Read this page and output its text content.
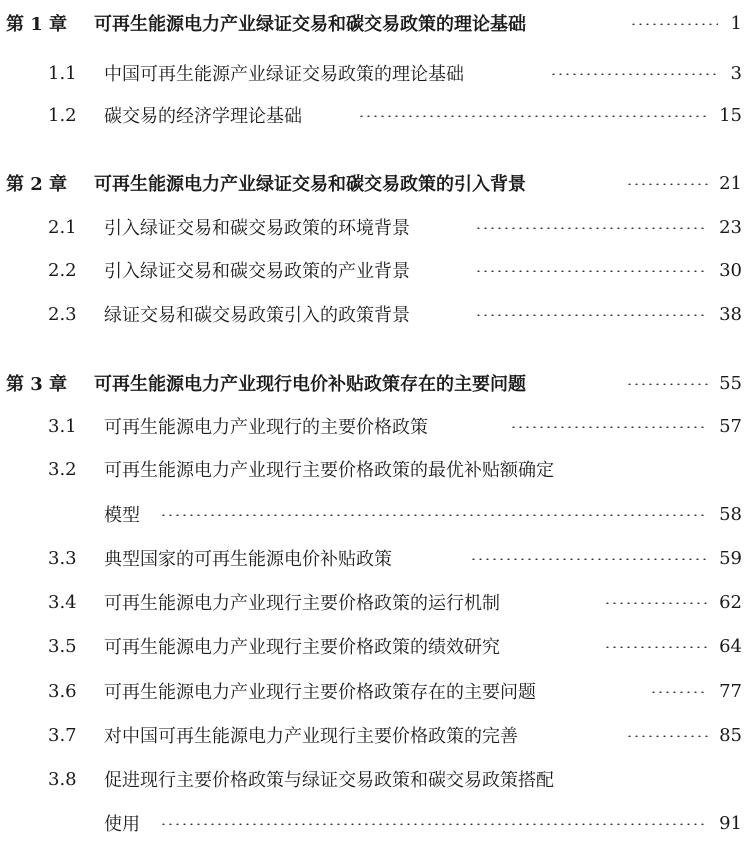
第 1 章 可再生能源电力产业绿证交易和碳交易政策的理论基础	1
1.1	中国可再生能源产业绿证交易政策的理论基础	3
1.2	碳交易的经济学理论基础	15
第 2 章 可再生能源电力产业绿证交易和碳交易政策的引入背景	21
2.1	引入绿证交易和碳交易政策的环境背景	23
2.2	引入绿证交易和碳交易政策的产业背景	30
2.3	绿证交易和碳交易政策引入的政策背景	38
第 3 章 可再生能源电力产业现行电价补贴政策存在的主要问题	55
3.1	可再生能源电力产业现行的主要价格政策	57
3.2	可再生能源电力产业现行主要价格政策的最优补贴额确定
模型	58
3.3	典型国家的可再生能源电价补贴政策	59
3.4	可再生能源电力产业现行主要价格政策的运行机制	62
3.5	可再生能源电力产业现行主要价格政策的绩效研究	64
3.6	可再生能源电力产业现行主要价格政策存在的主要问题	77
3.7	对中国可再生能源电力产业现行主要价格政策的完善	85
3.8	促进现行主要价格政策与绿证交易政策和碳交易政策搭配
使用	91
